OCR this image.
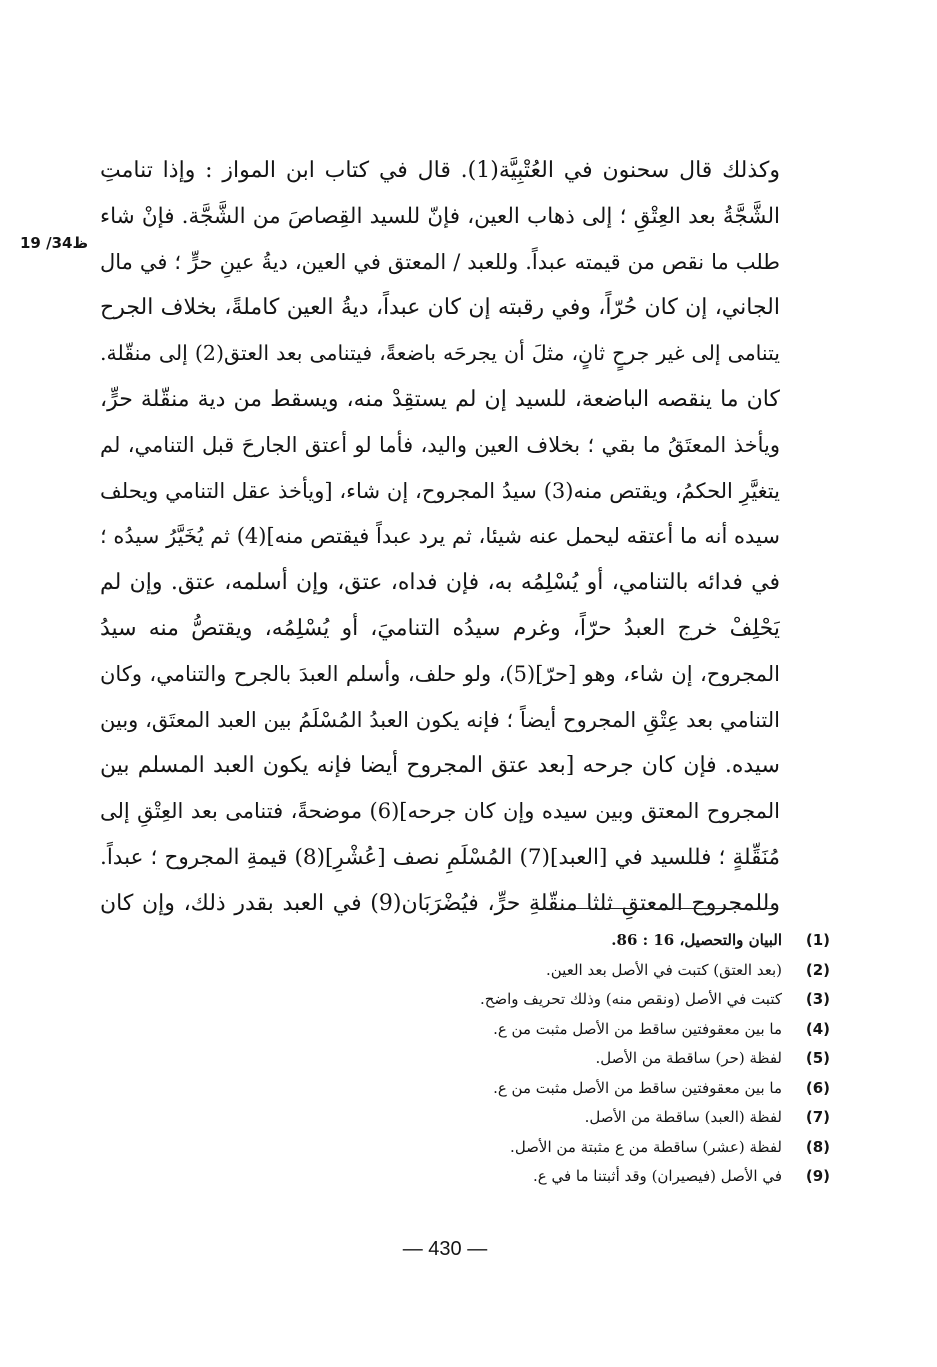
19 /34ظ
وكذلك قال سحنون في العُتْبِيَّة(1). قال في كتاب ابن المواز : وإذا تنامتِ
الشَّجَّةُ بعد العِتْقِ ؛ إلى ذهاب العين، فإنّ للسيد القِصاصَ من الشَّجَّة. فإنْ شاء
طلب ما نقص من قيمته عبداً. وللعبد / المعتق في العين، ديةُ عينِ حرٍّ ؛ في مال
الجاني، إن كان حُرّاً، وفي رقبته إن كان عبداً، ديةُ العين كاملةً، بخلاف الجرح
يتنامى إلى غير جرحٍ ثانٍ، مثلَ أن يجرحَه باضعةً، فيتنامى بعد العتق(2) إلى منقّلة.
كان ما ينقصه الباضعة، للسيد إن لم يستقِدْ منه، ويسقط من دية منقّلة حرٍّ،
ويأخذ المعتَقُ ما بقي ؛ بخلاف العين واليد، فأما لو أعتق الجارحَ قبل التنامي، لم
يتغيَّرِ الحكمُ، ويقتص منه(3) سيدُ المجروح، إن شاء، [ويأخذ عقل التنامي ويحلف
سيده أنه ما أعتقه ليحمل عنه شيئا، ثم يرد عبداً فيقتص منه](4) ثم يُخَيَّرُ سيدُه ؛
في فدائه بالتنامي، أو يُسْلِمُه به، فإن فداه، عتق، وإن أسلمه، عتق. وإن لم
يَحْلِفْ خرج العبدُ حرّاً، وغرم سيدُه التناميَ، أو يُسْلِمُه، ويقتصُّ منه سيدُ
المجروح، إن شاء، وهو [حرّ](5)، ولو حلف، وأسلم العبدَ بالجرح والتنامي، وكان
التنامي بعد عِتْقِ المجروح أيضاً ؛ فإنه يكون العبدُ المُسْلَمُ بين العبد المعتَق، وبين
سيده. فإن كان جرحه [بعد عتق المجروح أيضا فإنه يكون العبد المسلم بين
المجروح المعتق وبين سيده وإن كان جرحه](6) موضحةً، فتنامى بعد العِتْقِ إلى
مُنَقِّلةٍ ؛ فللسيد في [العبد](7) المُسْلَمِ نصف [عُشْرِ](8) قيمةِ المجروح ؛ عبداً.
وللمجروح المعتقِ ثلثا منقّلةِ حرٍّ، فيُضْرَبَان(9) في العبد بقدر ذلك، وإن كان
(1)
البيان والتحصيل، 16 : 86.
(2)
(بعد العتق) كتبت في الأصل بعد العين.
(3)
كتبت في الأصل (ونقص منه) وذلك تحريف واضح.
(4)
ما بين معقوفتين ساقط من الأصل مثبت من ع.
(5)
لفظة (حر) ساقطة من الأصل.
(6)
ما بين معقوفتين ساقط من الأصل مثبت من ع.
(7)
لفظة (العبد) ساقطة من الأصل.
(8)
لفظة (عشر) ساقطة من ع مثبتة من الأصل.
(9)
في الأصل (فيصيران) وقد أثبتنا ما في ع.
— 430 —
